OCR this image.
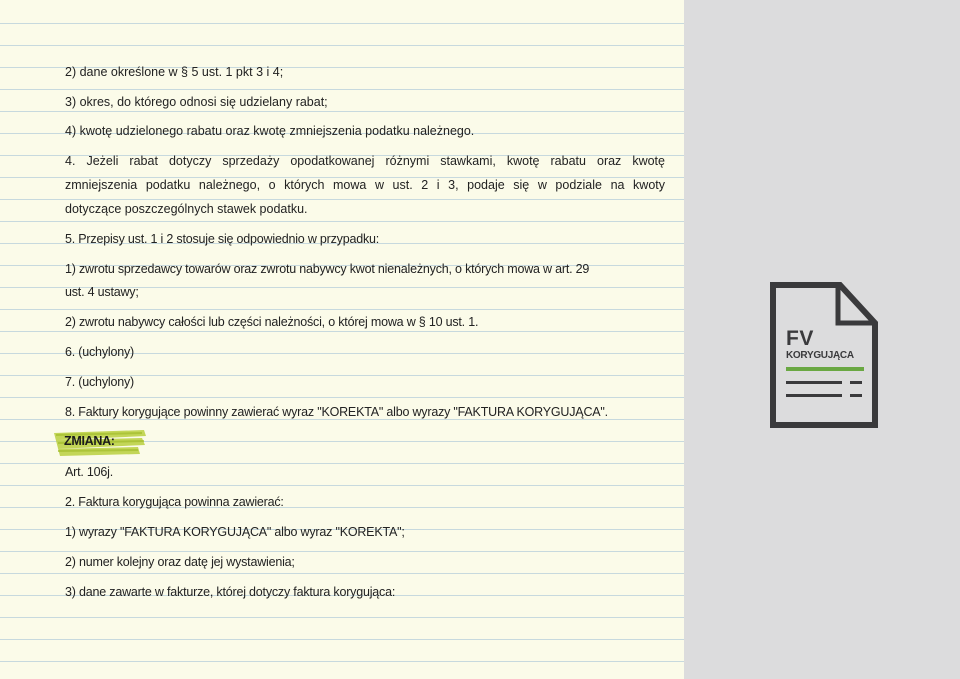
2) dane określone w § 5 ust. 1 pkt 3 i 4;
3) okres, do którego odnosi się udzielany rabat;
4) kwotę udzielonego rabatu oraz kwotę zmniejszenia podatku należnego.
4. Jeżeli rabat dotyczy sprzedaży opodatkowanej różnymi stawkami, kwotę rabatu oraz kwotę
zmniejszenia podatku należnego, o których mowa w ust. 2 i 3, podaje się w podziale na kwoty
dotyczące poszczególnych stawek podatku.
5. Przepisy ust. 1 i 2 stosuje się odpowiednio w przypadku:
1) zwrotu sprzedawcy towarów oraz zwrotu nabywcy kwot nienależnych, o których mowa w art. 29
ust. 4 ustawy;
2) zwrotu nabywcy całości lub części należności, o której mowa w § 10 ust. 1.
6. (uchylony)
7. (uchylony)
8. Faktury korygujące powinny zawierać wyraz "KOREKTA" albo wyrazy "FAKTURA KORYGUJĄCA".
ZMIANA:
Art. 106j.
2. Faktura korygująca powinna zawierać:
1) wyrazy "FAKTURA KORYGUJĄCA" albo wyraz "KOREKTA";
2) numer kolejny oraz datę jej wystawienia;
3) dane zawarte w fakturze, której dotyczy faktura korygująca:
FV
KORYGUJĄCA
